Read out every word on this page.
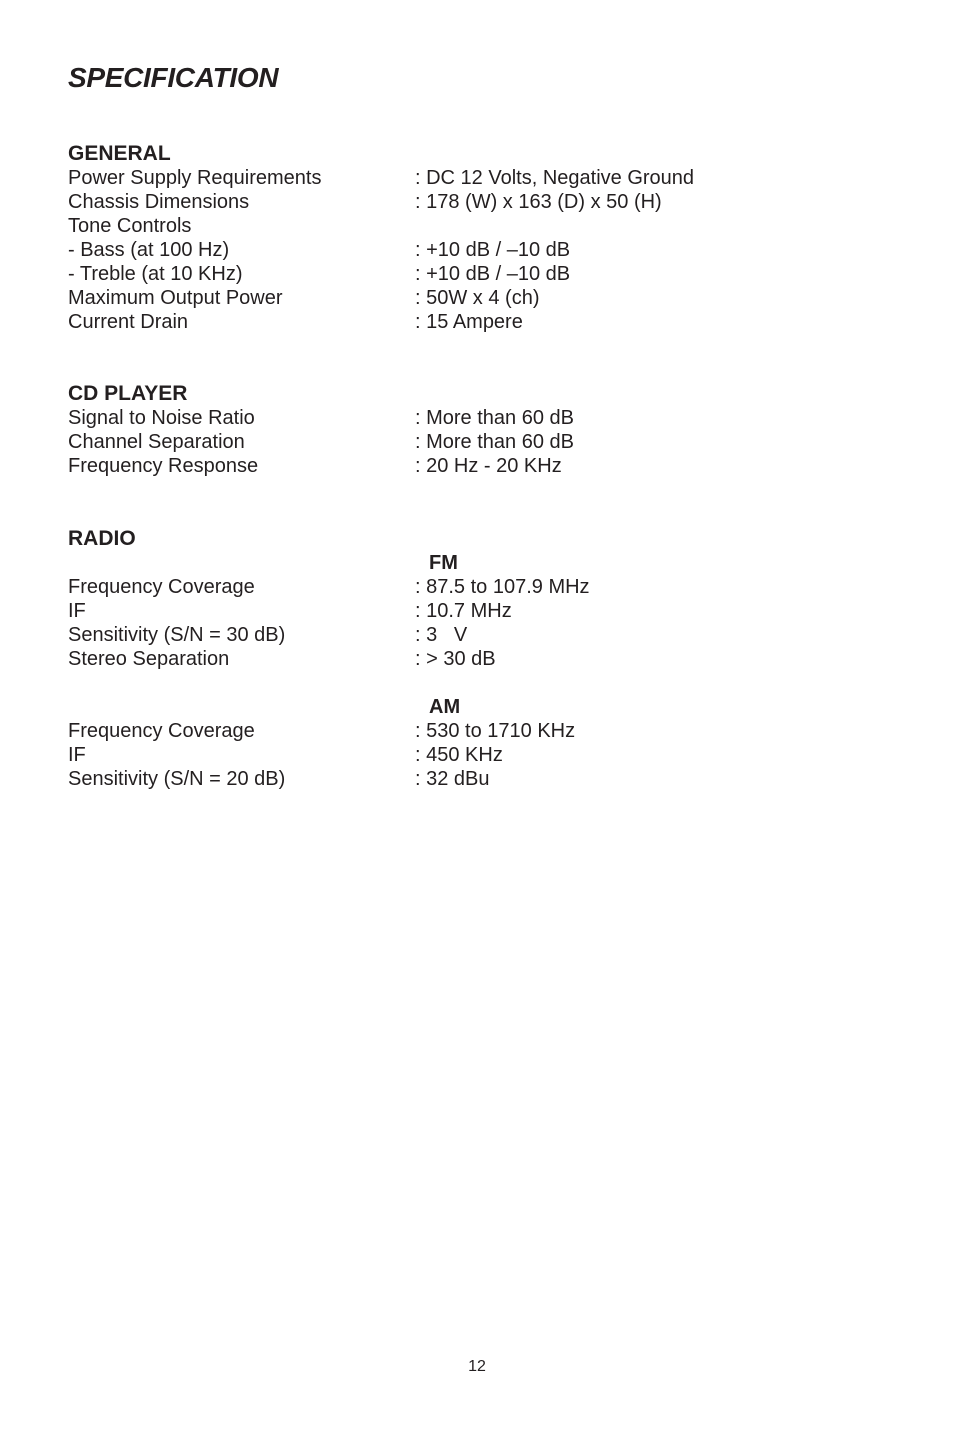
SPECIFICATION
GENERAL
Power Supply Requirements	: DC 12 Volts, Negative Ground
Chassis Dimensions	: 178 (W) x 163 (D) x 50 (H)
Tone Controls
- Bass (at 100 Hz)	: +10 dB / –10 dB
- Treble (at 10 KHz)	: +10 dB / –10 dB
Maximum Output Power	: 50W x 4 (ch)
Current Drain	: 15 Ampere
CD PLAYER
Signal to Noise Ratio	: More than 60 dB
Channel Separation	: More than 60 dB
Frequency Response	: 20 Hz - 20 KHz
RADIO
FM
Frequency Coverage	: 87.5 to 107.9 MHz
IF	: 10.7 MHz
Sensitivity (S/N = 30 dB)	: 3   V
Stereo Separation	: > 30 dB
AM
Frequency Coverage	: 530 to 1710 KHz
IF	: 450 KHz
Sensitivity (S/N = 20 dB)	: 32 dBu
12
